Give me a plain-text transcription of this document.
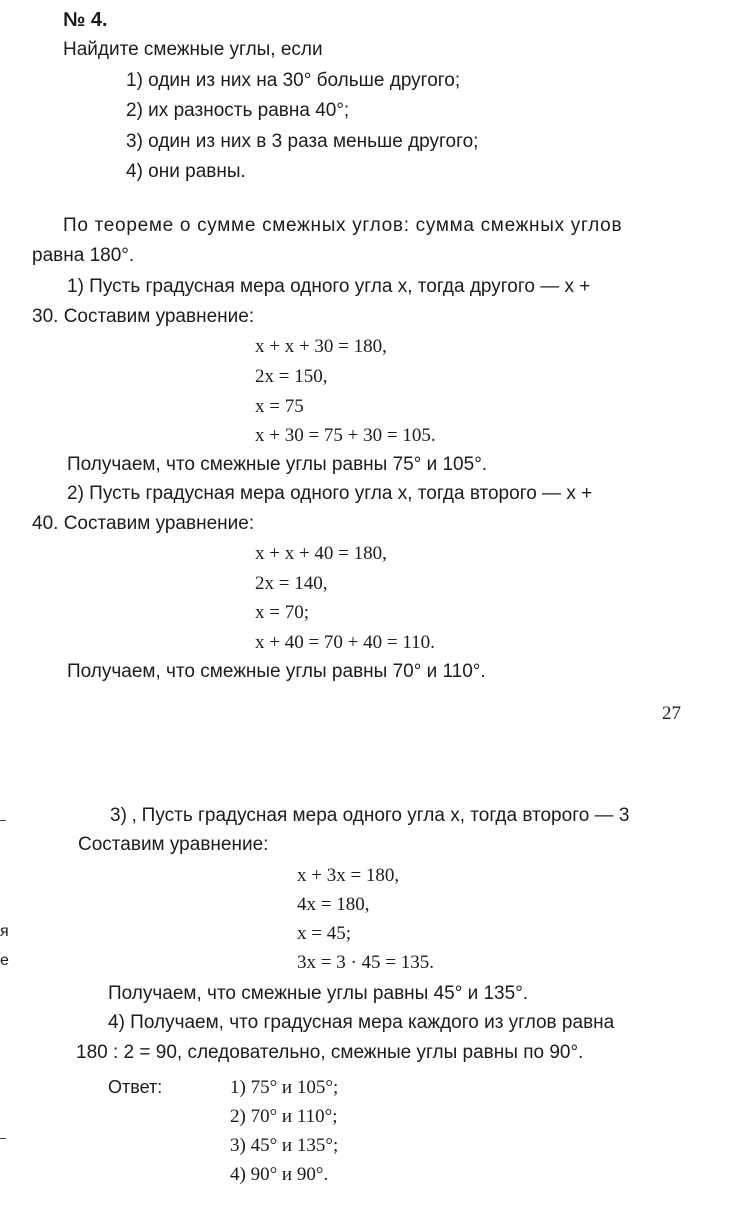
№ 4.
Найдите смежные углы, если
1) один из них на 30° больше другого;
2) их разность равна 40°;
3) один из них в 3 раза меньше другого;
4) они равны.
По теореме о сумме смежных углов: сумма смежных углов
равна 180°.
1) Пусть градусная мера одного угла x, тогда другого — x +
30. Составим уравнение:
x + x + 30 = 180,
2x = 150,
x = 75
x + 30 = 75 + 30 = 105.
Получаем, что смежные углы равны 75° и 105°.
2) Пусть градусная мера одного угла x, тогда второго — x +
40. Составим уравнение:
x + x + 40 = 180,
2x = 140,
x = 70;
x + 40 = 70 + 40 = 110.
Получаем, что смежные углы равны 70° и 110°.
27
я
е
3) ‚ Пусть градусная мера одного угла x, тогда второго — 3
Составим уравнение:
x + 3x = 180,
4x = 180,
x = 45;
3x = 3 · 45 = 135.
Получаем, что смежные углы равны 45° и 135°.
4) Получаем, что градусная мера каждого из углов равна
180 : 2 = 90, следовательно, смежные углы равны по 90°.
Ответ:	1) 75° и 105°;
2) 70° и 110°;
3) 45° и 135°;
4) 90° и 90°.
